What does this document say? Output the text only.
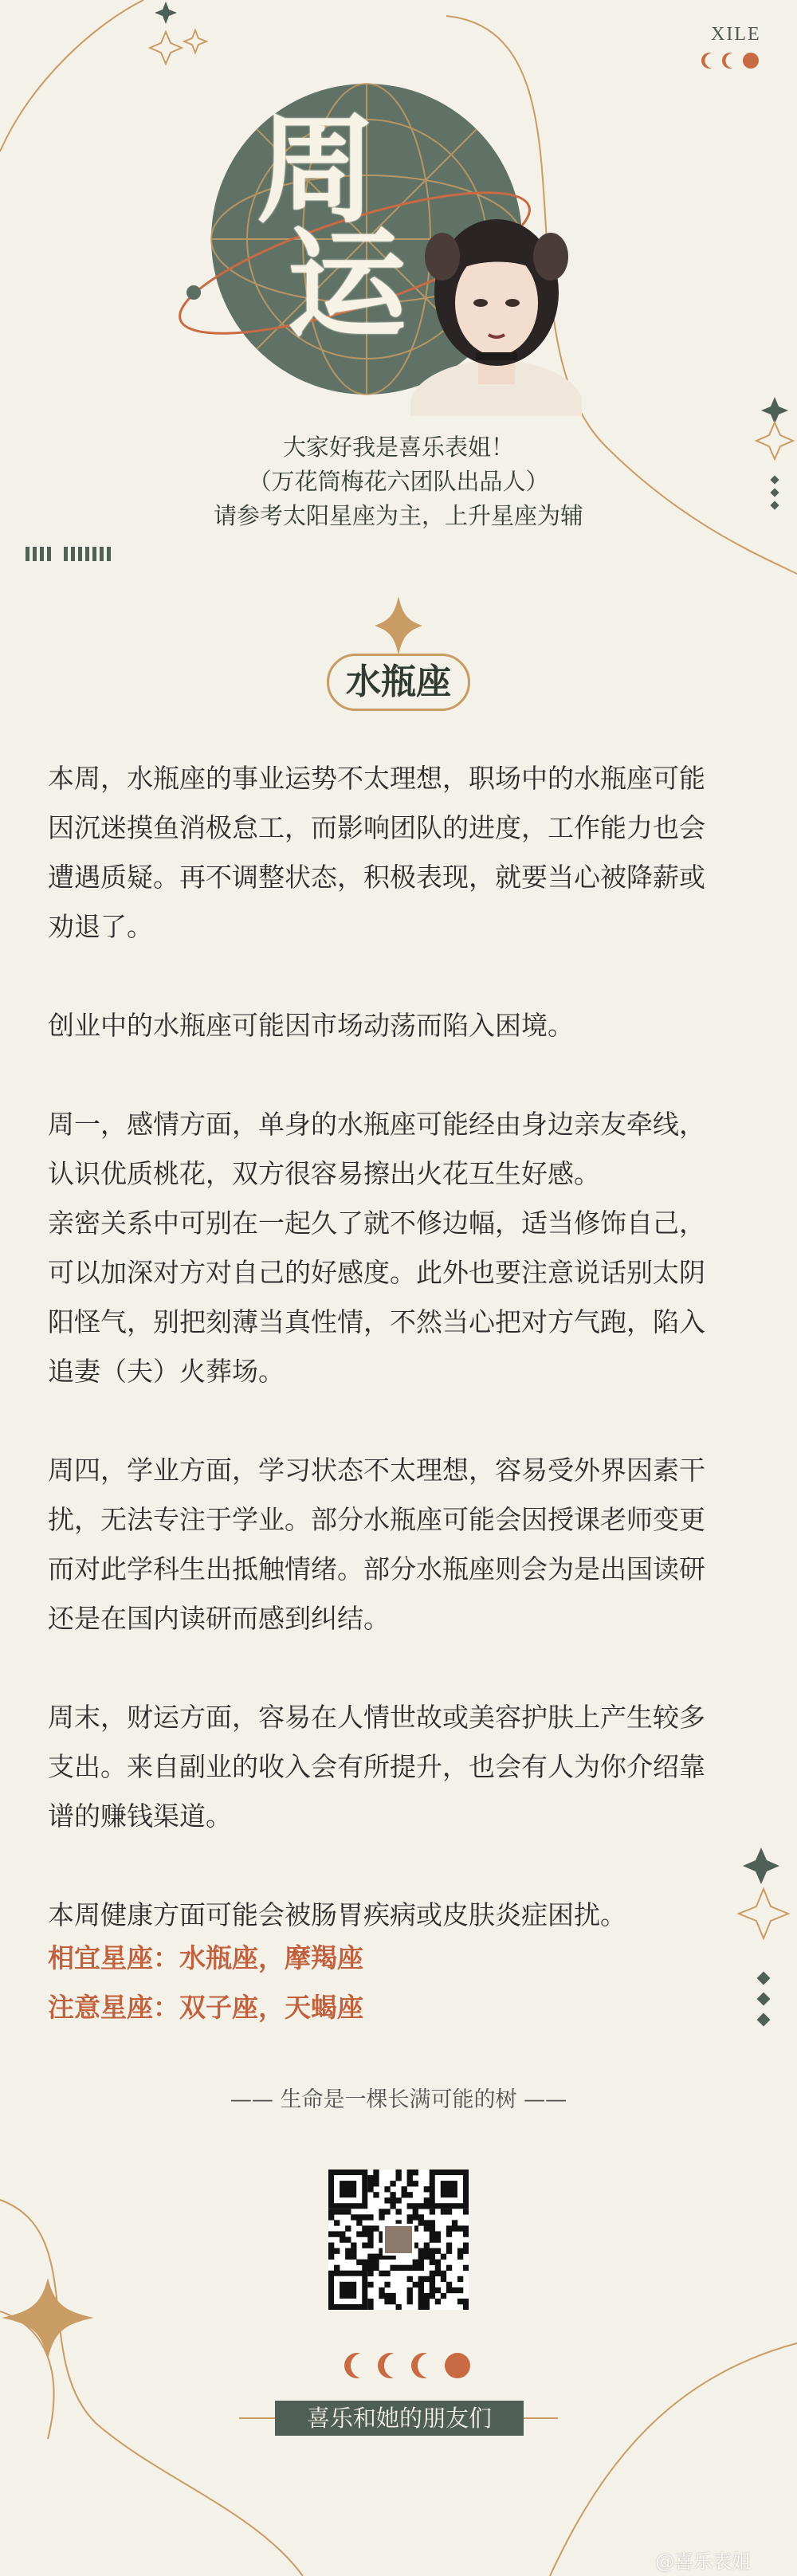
XILE
周
运
大家好我是喜乐表姐！
（万花筒梅花六团队出品人）
请参考太阳星座为主，上升星座为辅
水瓶座

本周，水瓶座的事业运势不太理想，职场中的水瓶座可能
因沉迷摸鱼消极怠工，而影响团队的进度，工作能力也会
遭遇质疑。再不调整状态，积极表现，就要当心被降薪或
劝退了。

创业中的水瓶座可能因市场动荡而陷入困境。

周一，感情方面，单身的水瓶座可能经由身边亲友牵线，
认识优质桃花，双方很容易擦出火花互生好感。
亲密关系中可别在一起久了就不修边幅，适当修饰自己，
可以加深对方对自己的好感度。此外也要注意说话别太阴
阳怪气，别把刻薄当真性情，不然当心把对方气跑，陷入
追妻（夫）火葬场。

周四，学业方面，学习状态不太理想，容易受外界因素干
扰，无法专注于学业。部分水瓶座可能会因授课老师变更
而对此学科生出抵触情绪。部分水瓶座则会为是出国读研
还是在国内读研而感到纠结。

周末，财运方面，容易在人情世故或美容护肤上产生较多
支出。来自副业的收入会有所提升，也会有人为你介绍靠
谱的赚钱渠道。

本周健康方面可能会被肠胃疾病或皮肤炎症困扰。

相宜星座：水瓶座，摩羯座
注意星座：双子座，天蝎座
—— 生命是一棵长满可能的树 ——
喜乐和她的朋友们
@喜乐表姐
